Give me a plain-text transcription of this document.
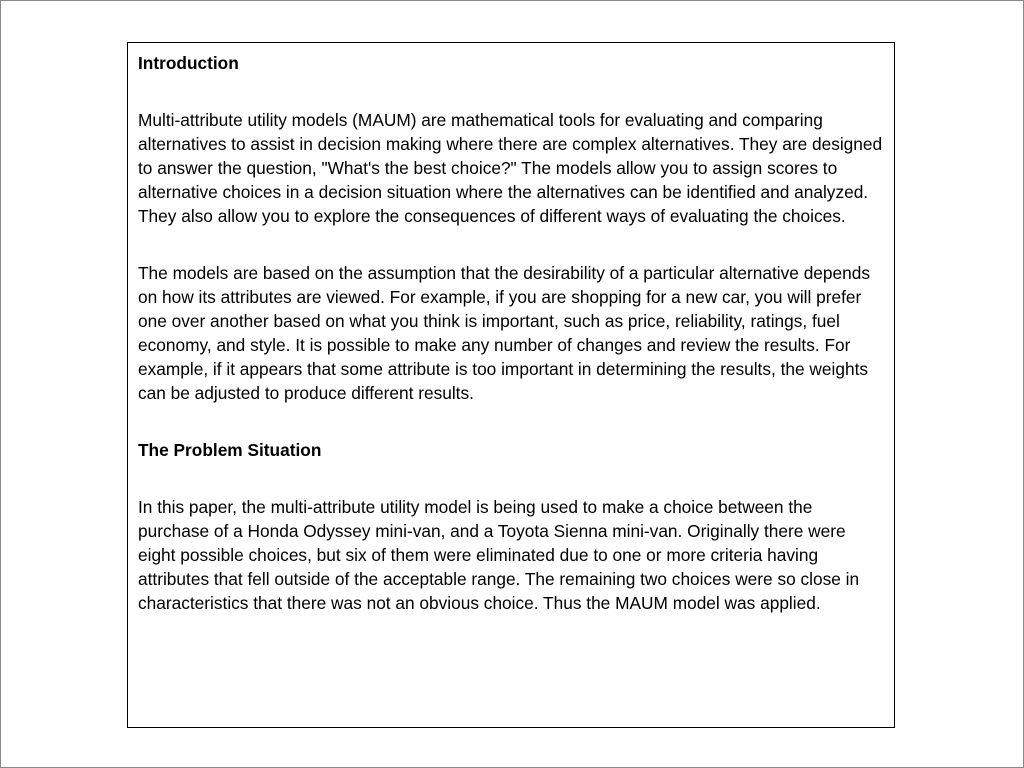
Introduction
Multi-attribute utility models (MAUM) are mathematical tools for evaluating and comparing alternatives to assist in decision making where there are complex alternatives. They are designed to answer the question, "What's the best choice?" The models allow you to assign scores to alternative choices in a decision situation where the alternatives can be identified and analyzed. They also allow you to explore the consequences of different ways of evaluating the choices.
The models are based on the assumption that the desirability of a particular alternative depends on how its attributes are viewed. For example, if you are shopping for a new car, you will prefer one over another based on what you think is important, such as price, reliability, ratings, fuel economy, and style. It is possible to make any number of changes and review the results. For example, if it appears that some attribute is too important in determining the results, the weights can be adjusted to produce different results.
The Problem Situation
In this paper, the multi-attribute utility model is being used to make a choice between the purchase of a Honda Odyssey mini-van, and a Toyota Sienna mini-van. Originally there were eight possible choices, but six of them were eliminated due to one or more criteria having attributes that fell outside of the acceptable range. The remaining two choices were so close in characteristics that there was not an obvious choice. Thus the MAUM model was applied.
